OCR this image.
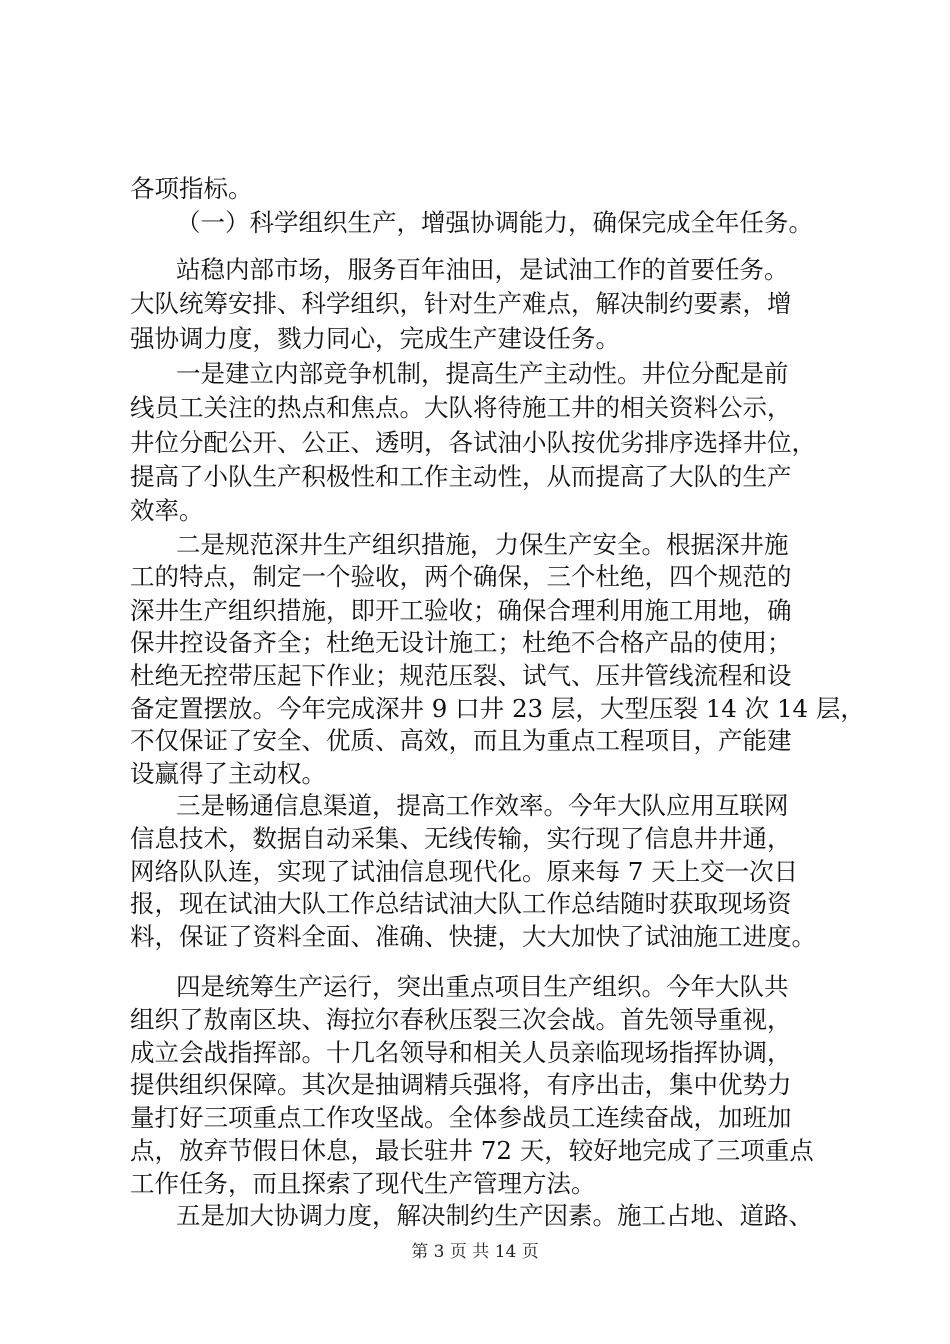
各项指标。
（一）科学组织生产，增强协调能力，确保完成全年任务。
站稳内部市场，服务百年油田，是试油工作的首要任务。
大队统筹安排、科学组织，针对生产难点，解决制约要素，增
强协调力度，戮力同心，完成生产建设任务。
一是建立内部竞争机制，提高生产主动性。井位分配是前
线员工关注的热点和焦点。大队将待施工井的相关资料公示，
井位分配公开、公正、透明，各试油小队按优劣排序选择井位，
提高了小队生产积极性和工作主动性，从而提高了大队的生产
效率。
二是规范深井生产组织措施，力保生产安全。根据深井施
工的特点，制定一个验收，两个确保，三个杜绝，四个规范的
深井生产组织措施，即开工验收；确保合理利用施工用地，确
保井控设备齐全；杜绝无设计施工；杜绝不合格产品的使用；
杜绝无控带压起下作业；规范压裂、试气、压井管线流程和设
备定置摆放。今年完成深井 9 口井 23 层，大型压裂 14 次 14 层，
不仅保证了安全、优质、高效，而且为重点工程项目，产能建
设赢得了主动权。
三是畅通信息渠道，提高工作效率。今年大队应用互联网
信息技术，数据自动采集、无线传输，实行现了信息井井通，
网络队队连，实现了试油信息现代化。原来每 7 天上交一次日
报，现在试油大队工作总结试油大队工作总结随时获取现场资
料，保证了资料全面、准确、快捷，大大加快了试油施工进度。
四是统筹生产运行，突出重点项目生产组织。今年大队共
组织了敖南区块、海拉尔春秋压裂三次会战。首先领导重视，
成立会战指挥部。十几名领导和相关人员亲临现场指挥协调，
提供组织保障。其次是抽调精兵强将，有序出击，集中优势力
量打好三项重点工作攻坚战。全体参战员工连续奋战，加班加
点，放弃节假日休息，最长驻井 72 天，较好地完成了三项重点
工作任务，而且探索了现代生产管理方法。
五是加大协调力度，解决制约生产因素。施工占地、道路、
第 3 页 共 14 页
